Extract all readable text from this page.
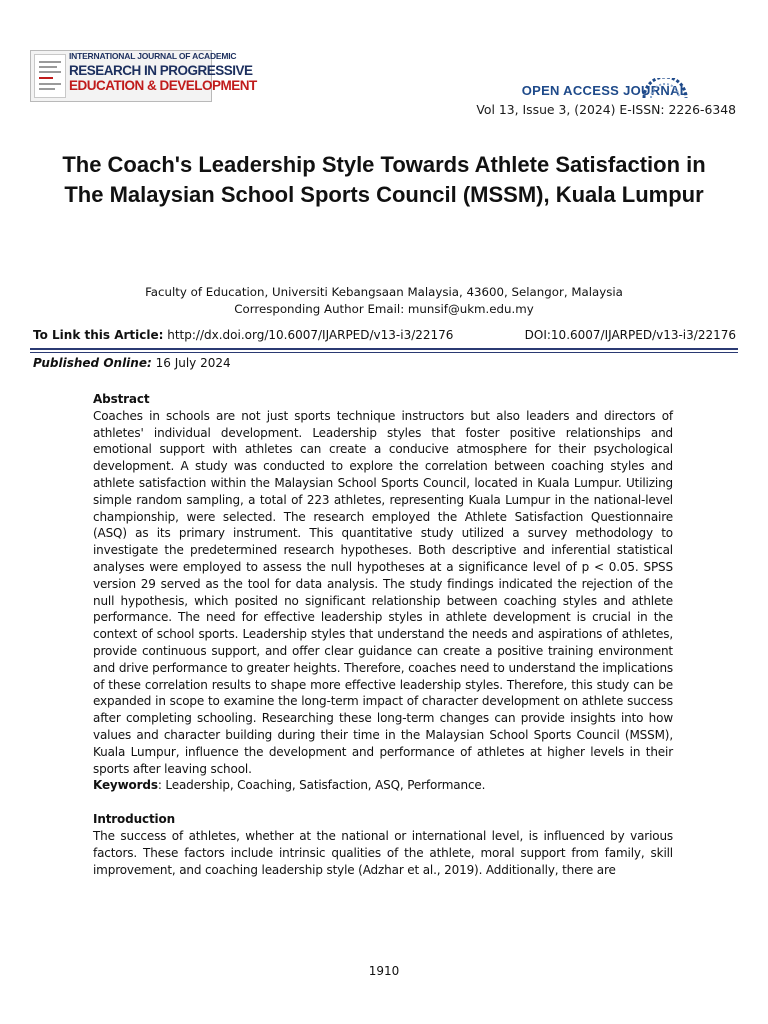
INTERNATIONAL JOURNAL OF ACADEMIC
RESEARCH IN PROGRESSIVE
EDUCATION & DEVELOPMENT	OPEN ACCESS JOURNAL
Vol 13, Issue 3, (2024) E-ISSN: 2226-6348
The Coach's Leadership Style Towards Athlete Satisfaction in The Malaysian School Sports Council (MSSM), Kuala Lumpur
Faculty of Education, Universiti Kebangsaan Malaysia, 43600, Selangor, Malaysia
Corresponding Author Email: munsif@ukm.edu.my
To Link this Article: http://dx.doi.org/10.6007/IJARPED/v13-i3/22176	DOI:10.6007/IJARPED/v13-i3/22176
Published Online: 16 July 2024

Abstract

Coaches in schools are not just sports technique instructors but also leaders and directors of athletes' individual development. Leadership styles that foster positive relationships and emotional support with athletes can create a conducive atmosphere for their psychological development. A study was conducted to explore the correlation between coaching styles and athlete satisfaction within the Malaysian School Sports Council, located in Kuala Lumpur. Utilizing simple random sampling, a total of 223 athletes, representing Kuala Lumpur in the national-level championship, were selected. The research employed the Athlete Satisfaction Questionnaire (ASQ) as its primary instrument. This quantitative study utilized a survey methodology to investigate the predetermined research hypotheses. Both descriptive and inferential statistical analyses were employed to assess the null hypotheses at a significance level of p < 0.05. SPSS version 29 served as the tool for data analysis. The study findings indicated the rejection of the null hypothesis, which posited no significant relationship between coaching styles and athlete performance. The need for effective leadership styles in athlete development is crucial in the context of school sports. Leadership styles that understand the needs and aspirations of athletes, provide continuous support, and offer clear guidance can create a positive training environment and drive performance to greater heights. Therefore, coaches need to understand the implications of these correlation results to shape more effective leadership styles. Therefore, this study can be expanded in scope to examine the long-term impact of character development on athlete success after completing schooling. Researching these long-term changes can provide insights into how values and character building during their time in the Malaysian School Sports Council (MSSM), Kuala Lumpur, influence the development and performance of athletes at higher levels in their sports after leaving school.

Keywords: Leadership, Coaching, Satisfaction, ASQ, Performance.

Introduction

The success of athletes, whether at the national or international level, is influenced by various factors. These factors include intrinsic qualities of the athlete, moral support from family, skill improvement, and coaching leadership style (Adzhar et al., 2019). Additionally, there are

1910
